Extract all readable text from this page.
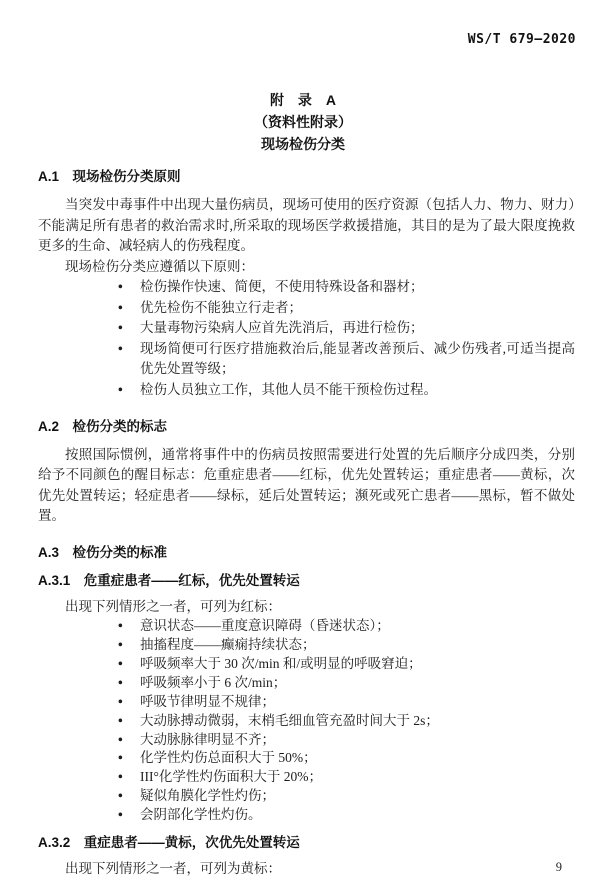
WS/T 679—2020
附　录　A
（资料性附录）
现场检伤分类
A.1　现场检伤分类原则

当突发中毒事件中出现大量伤病员，现场可使用的医疗资源（包括人力、物力、财力）不能满足所有患者的救治需求时,所采取的现场医学救援措施，其目的是为了最大限度挽救更多的生命、减轻病人的伤残程度。

现场检伤分类应遵循以下原则：

• 检伤操作快速、简便，不使用特殊设备和器材；
• 优先检伤不能独立行走者；
• 大量毒物污染病人应首先洗消后，再进行检伤；
• 现场简便可行医疗措施救治后,能显著改善预后、减少伤残者,可适当提高优先处置等级；
• 检伤人员独立工作，其他人员不能干预检伤过程。
A.2　检伤分类的标志

按照国际惯例，通常将事件中的伤病员按照需要进行处置的先后顺序分成四类，分别给予不同颜色的醒目标志：危重症患者——红标，优先处置转运；重症患者——黄标，次优先处置转运；轻症患者——绿标，延后处置转运；濒死或死亡患者——黑标，暂不做处置。

A.3　检伤分类的标准
A.3.1　危重症患者——红标，优先处置转运

出现下列情形之一者，可列为红标：

• 意识状态——重度意识障碍（昏迷状态）；
• 抽搐程度——癫痫持续状态；
• 呼吸频率大于 30 次/min 和/或明显的呼吸窘迫；
• 呼吸频率小于 6 次/min；
• 呼吸节律明显不规律；
• 大动脉搏动微弱，末梢毛细血管充盈时间大于 2s；
• 大动脉脉律明显不齐；
• 化学性灼伤总面积大于 50%；
• III°化学性灼伤面积大于 20%；
• 疑似角膜化学性灼伤；
• 会阴部化学性灼伤。
A.3.2　重症患者——黄标，次优先处置转运

出现下列情形之一者，可列为黄标：	9
